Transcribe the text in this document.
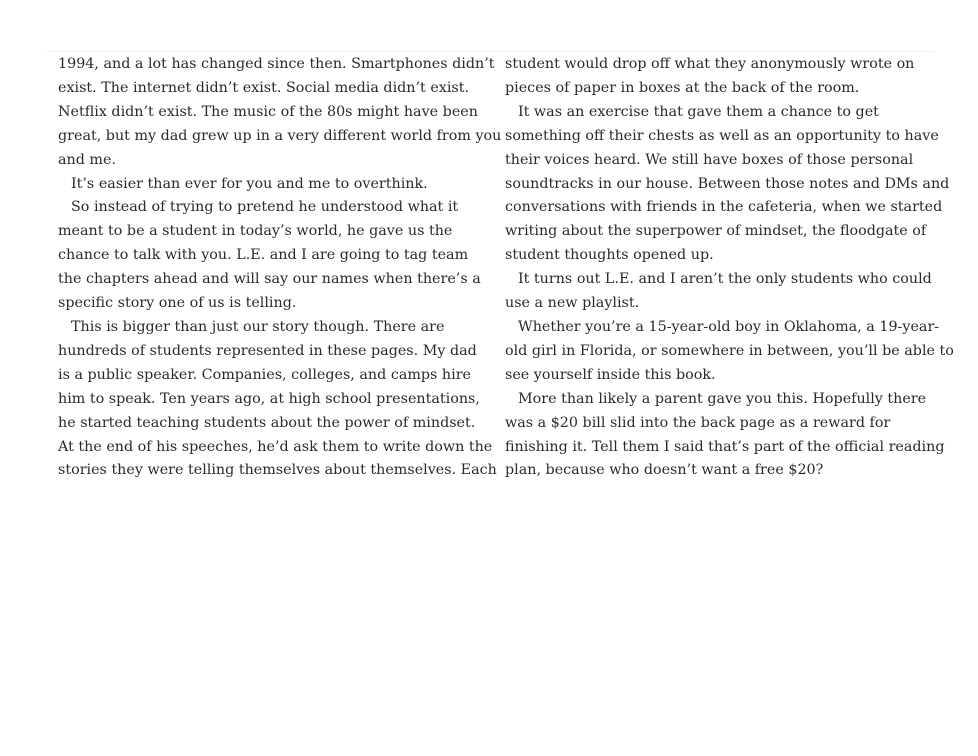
1994, and a lot has changed since then. Smartphones didn’t
exist. The internet didn’t exist. Social media didn’t exist.
Netflix didn’t exist. The music of the 80s might have been
great, but my dad grew up in a very different world from you
and me.
It’s easier than ever for you and me to overthink.
So instead of trying to pretend he understood what it
meant to be a student in today’s world, he gave us the
chance to talk with you. L.E. and I are going to tag team
the chapters ahead and will say our names when there’s a
specific story one of us is telling.
This is bigger than just our story though. There are
hundreds of students represented in these pages. My dad
is a public speaker. Companies, colleges, and camps hire
him to speak. Ten years ago, at high school presentations,
he started teaching students about the power of mindset.
At the end of his speeches, he’d ask them to write down the
stories they were telling themselves about themselves. Each
student would drop off what they anonymously wrote on
pieces of paper in boxes at the back of the room.
It was an exercise that gave them a chance to get
something off their chests as well as an opportunity to have
their voices heard. We still have boxes of those personal
soundtracks in our house. Between those notes and DMs and
conversations with friends in the cafeteria, when we started
writing about the superpower of mindset, the floodgate of
student thoughts opened up.
It turns out L.E. and I aren’t the only students who could
use a new playlist.
Whether you’re a 15-year-old boy in Oklahoma, a 19-year-
old girl in Florida, or somewhere in between, you’ll be able to
see yourself inside this book.
More than likely a parent gave you this. Hopefully there
was a $20 bill slid into the back page as a reward for
finishing it. Tell them I said that’s part of the official reading
plan, because who doesn’t want a free $20?
